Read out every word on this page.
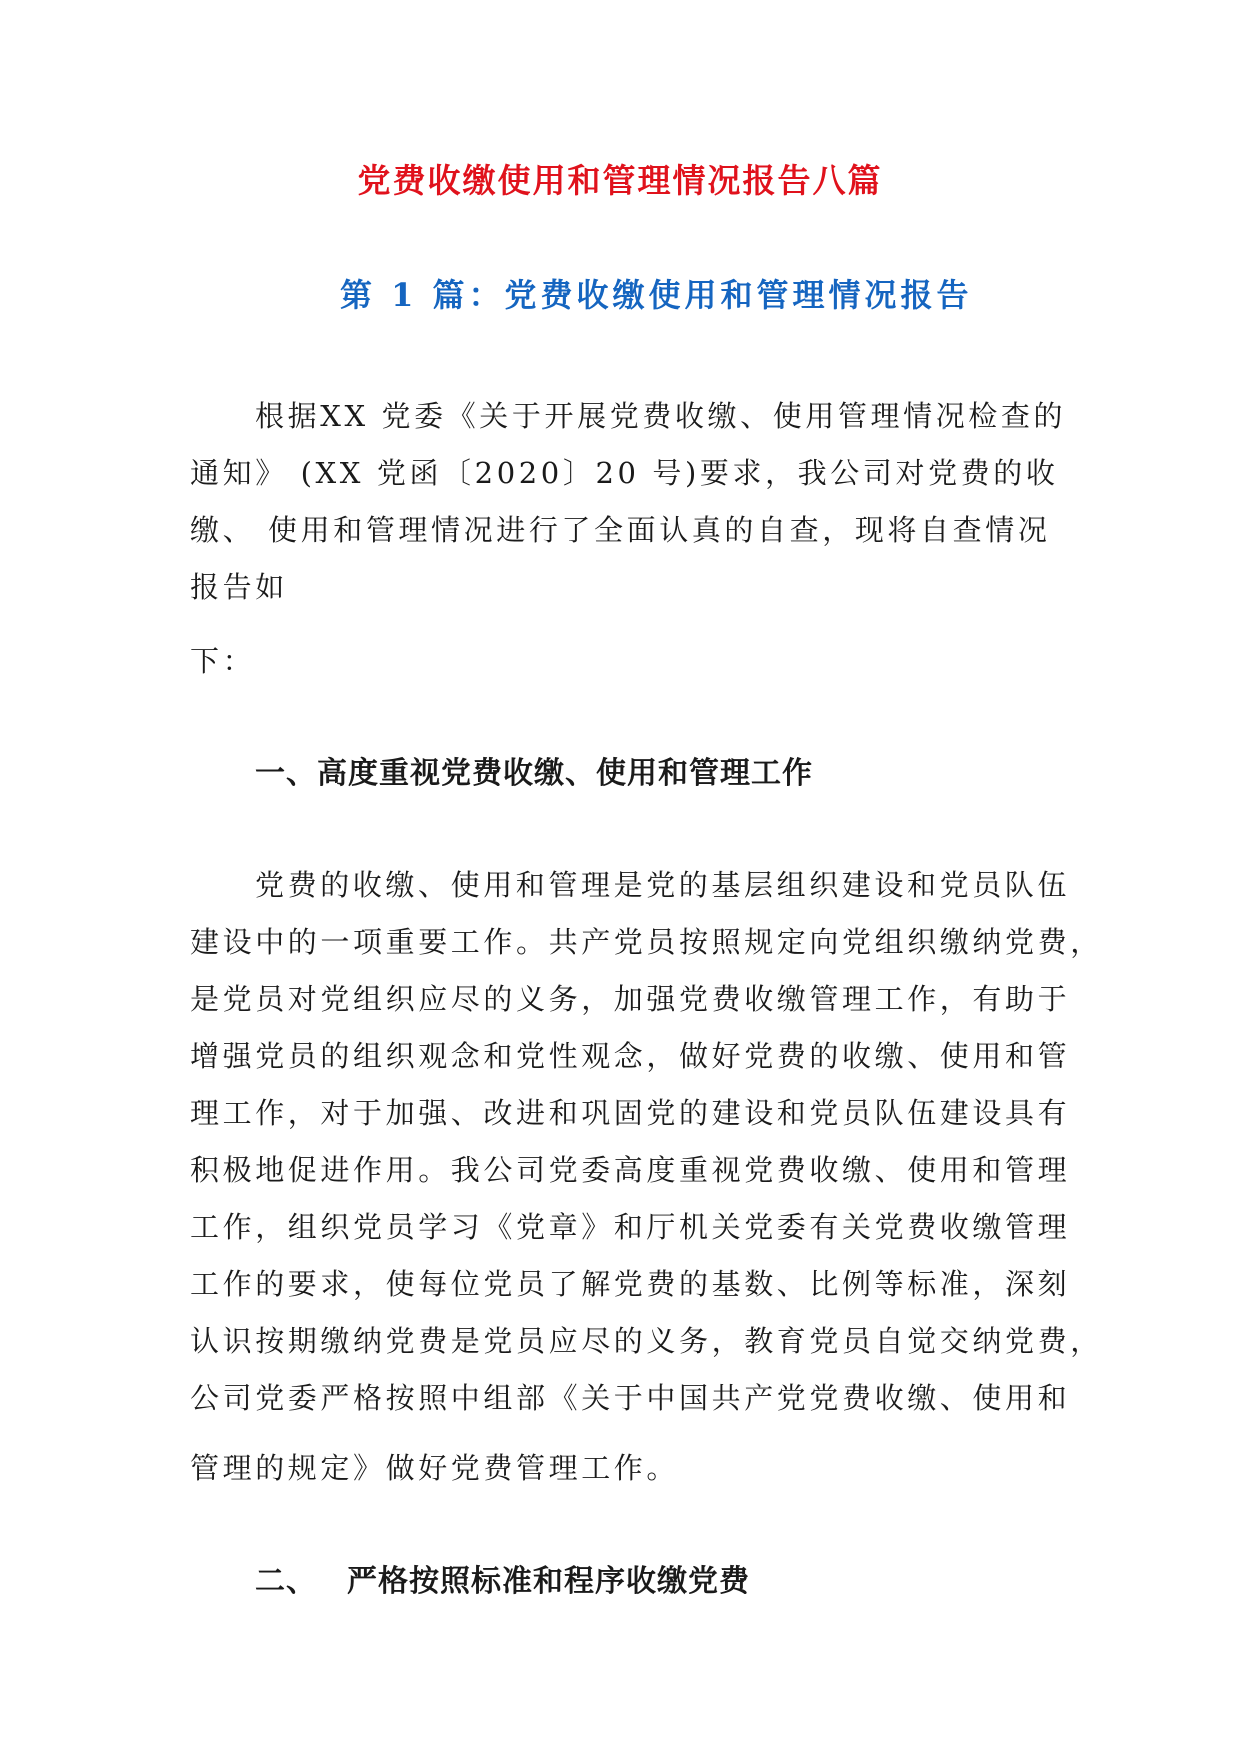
党费收缴使用和管理情况报告八篇
第 1 篇：党费收缴使用和管理情况报告

根据XX 党委《关于开展党费收缴、使用管理情况检查的

通知》 (XX 党函〔2020〕20 号)要求，我公司对党费的收

缴、 使用和管理情况进行了全面认真的自查，现将自查情况

报告如

下：

一、高度重视党费收缴、使用和管理工作

党费的收缴、使用和管理是党的基层组织建设和党员队伍

建设中的一项重要工作。共产党员按照规定向党组织缴纳党费，

是党员对党组织应尽的义务，加强党费收缴管理工作，有助于

增强党员的组织观念和党性观念，做好党费的收缴、使用和管

理工作，对于加强、改进和巩固党的建设和党员队伍建设具有

积极地促进作用。我公司党委高度重视党费收缴、使用和管理

工作，组织党员学习《党章》和厅机关党委有关党费收缴管理

工作的要求，使每位党员了解党费的基数、比例等标准，深刻

认识按期缴纳党费是党员应尽的义务，教育党员自觉交纳党费，

公司党委严格按照中组部《关于中国共产党党费收缴、使用和

管理的规定》做好党费管理工作。

二、 严格按照标准和程序收缴党费
